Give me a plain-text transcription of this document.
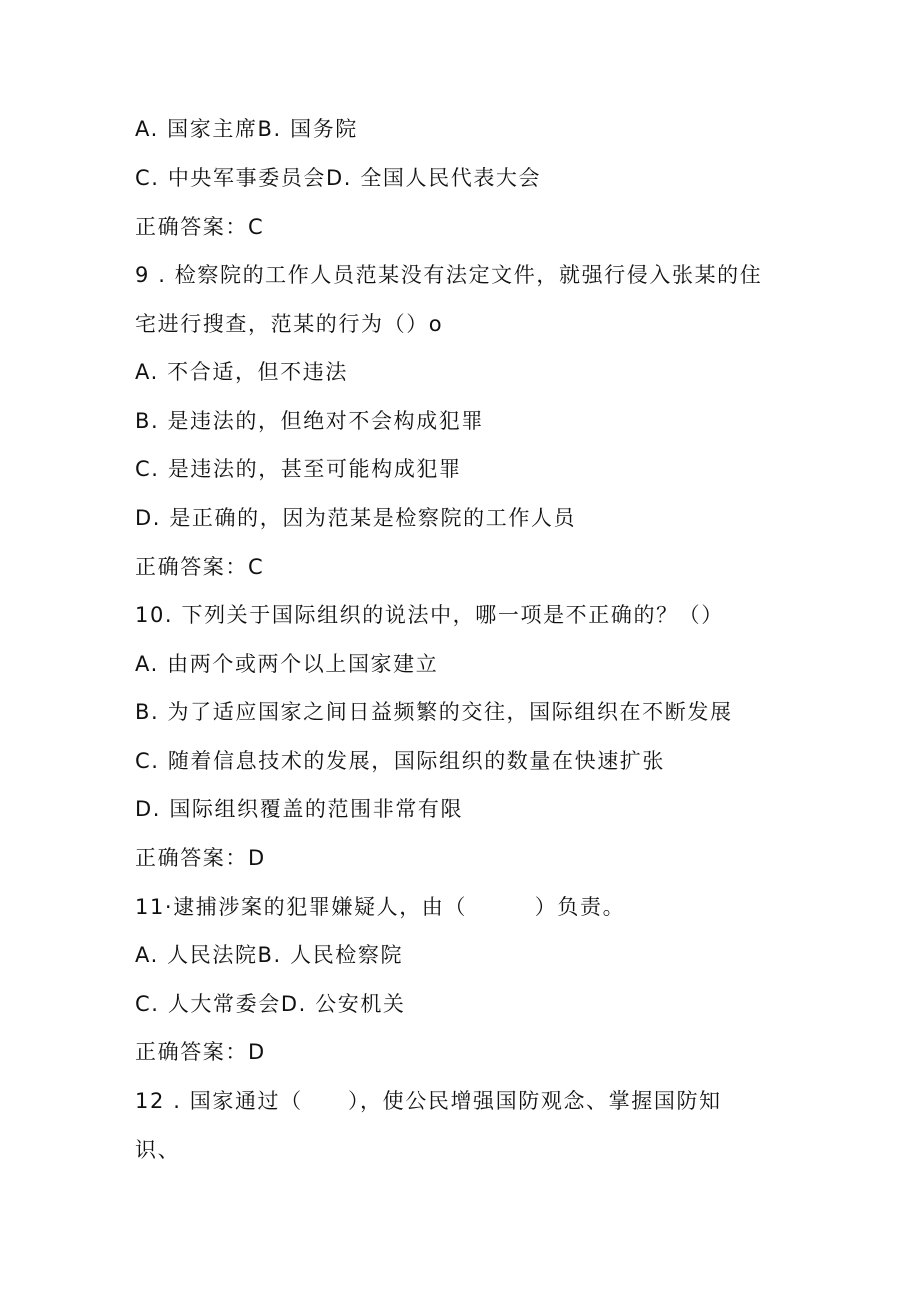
A. 国家主席B. 国务院
C. 中央军事委员会D. 全国人民代表大会
正确答案：C
9 . 检察院的工作人员范某没有法定文件，就强行侵入张某的住
宅进行搜查，范某的行为（）o
A. 不合适，但不违法
B. 是违法的，但绝对不会构成犯罪
C. 是违法的，甚至可能构成犯罪
D. 是正确的，因为范某是检察院的工作人员
正确答案：C
10. 下列关于国际组织的说法中，哪一项是不正确的？（）
A. 由两个或两个以上国家建立
B. 为了适应国家之间日益频繁的交往，国际组织在不断发展
C. 随着信息技术的发展，国际组织的数量在快速扩张
D. 国际组织覆盖的范围非常有限
正确答案：D
11·逮捕涉案的犯罪嫌疑人，由（　　　）负责。
A. 人民法院B. 人民检察院
C. 人大常委会D. 公安机关
正确答案：D
12 . 国家通过（　　），使公民增强国防观念、掌握国防知
识、
